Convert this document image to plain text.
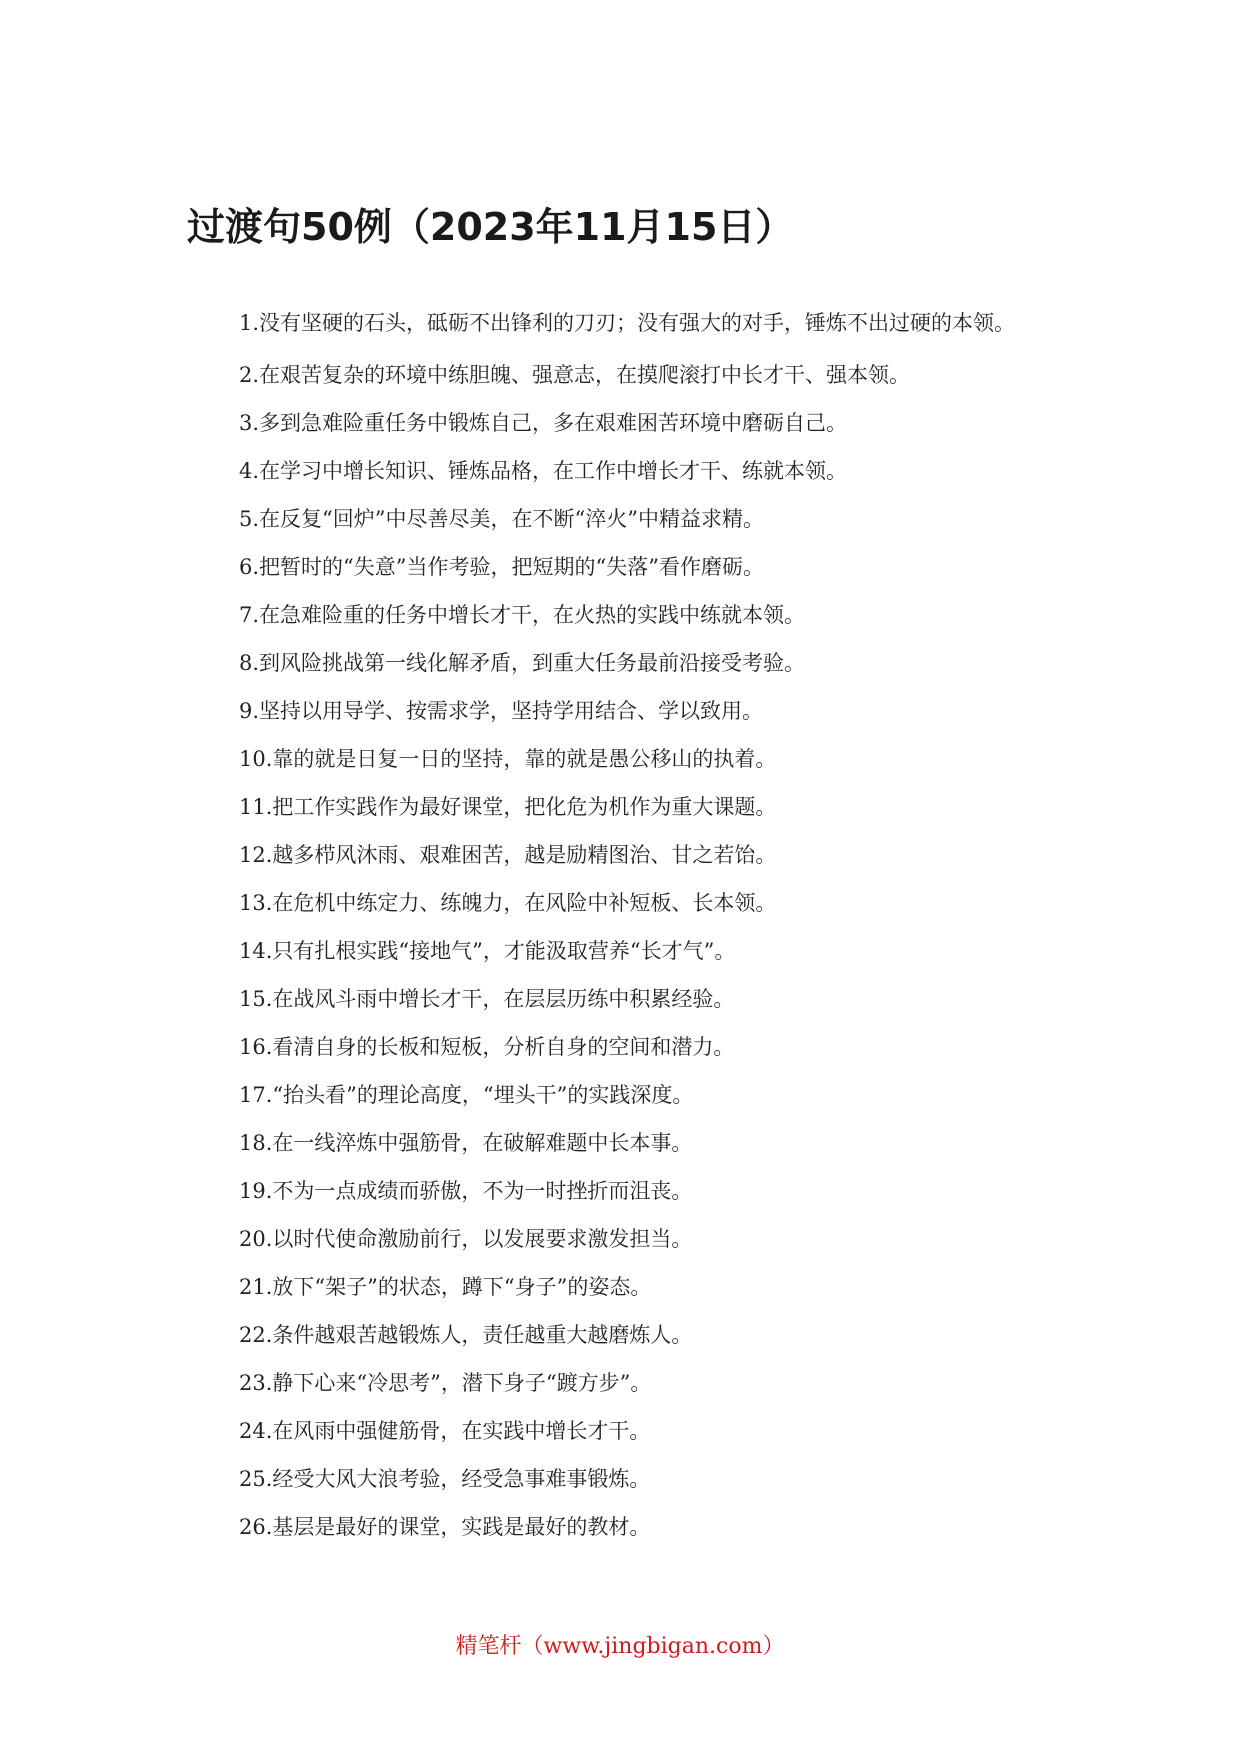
过渡句50例（2023年11月15日）
1.没有坚硬的石头，砥砺不出锋利的刀刃；没有强大的对手，锤炼不出过硬的本领。
2.在艰苦复杂的环境中练胆魄、强意志，在摸爬滚打中长才干、强本领。
3.多到急难险重任务中锻炼自己，多在艰难困苦环境中磨砺自己。
4.在学习中增长知识、锤炼品格，在工作中增长才干、练就本领。
5.在反复“回炉”中尽善尽美，在不断“淬火”中精益求精。
6.把暂时的“失意”当作考验，把短期的“失落”看作磨砺。
7.在急难险重的任务中增长才干，在火热的实践中练就本领。
8.到风险挑战第一线化解矛盾，到重大任务最前沿接受考验。
9.坚持以用导学、按需求学，坚持学用结合、学以致用。
10.靠的就是日复一日的坚持，靠的就是愚公移山的执着。
11.把工作实践作为最好课堂，把化危为机作为重大课题。
12.越多栉风沐雨、艰难困苦，越是励精图治、甘之若饴。
13.在危机中练定力、练魄力，在风险中补短板、长本领。
14.只有扎根实践“接地气”，才能汲取营养“长才气”。
15.在战风斗雨中增长才干，在层层历练中积累经验。
16.看清自身的长板和短板，分析自身的空间和潜力。
17.“抬头看”的理论高度，“埋头干”的实践深度。
18.在一线淬炼中强筋骨，在破解难题中长本事。
19.不为一点成绩而骄傲，不为一时挫折而沮丧。
20.以时代使命激励前行，以发展要求激发担当。
21.放下“架子”的状态，蹲下“身子”的姿态。
22.条件越艰苦越锻炼人，责任越重大越磨炼人。
23.静下心来“冷思考”，潜下身子“踱方步”。
24.在风雨中强健筋骨，在实践中增长才干。
25.经受大风大浪考验，经受急事难事锻炼。
26.基层是最好的课堂，实践是最好的教材。
精笔杆（www.jingbigan.com）
